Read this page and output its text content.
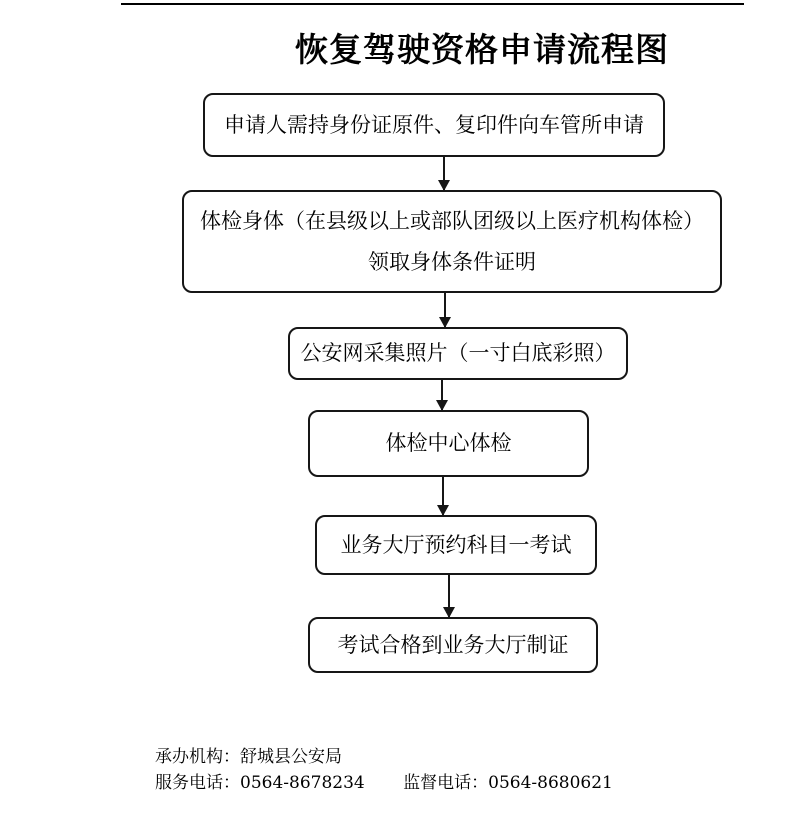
恢复驾驶资格申请流程图
申请人需持身份证原件、复印件向车管所申请
体检身体（在县级以上或部队团级以上医疗机构体检）
领取身体条件证明
公安网采集照片（一寸白底彩照）
体检中心体检
业务大厅预约科目一考试
考试合格到业务大厅制证
承办机构：舒城县公安局
服务电话：0564-8678234 监督电话：0564-8680621
